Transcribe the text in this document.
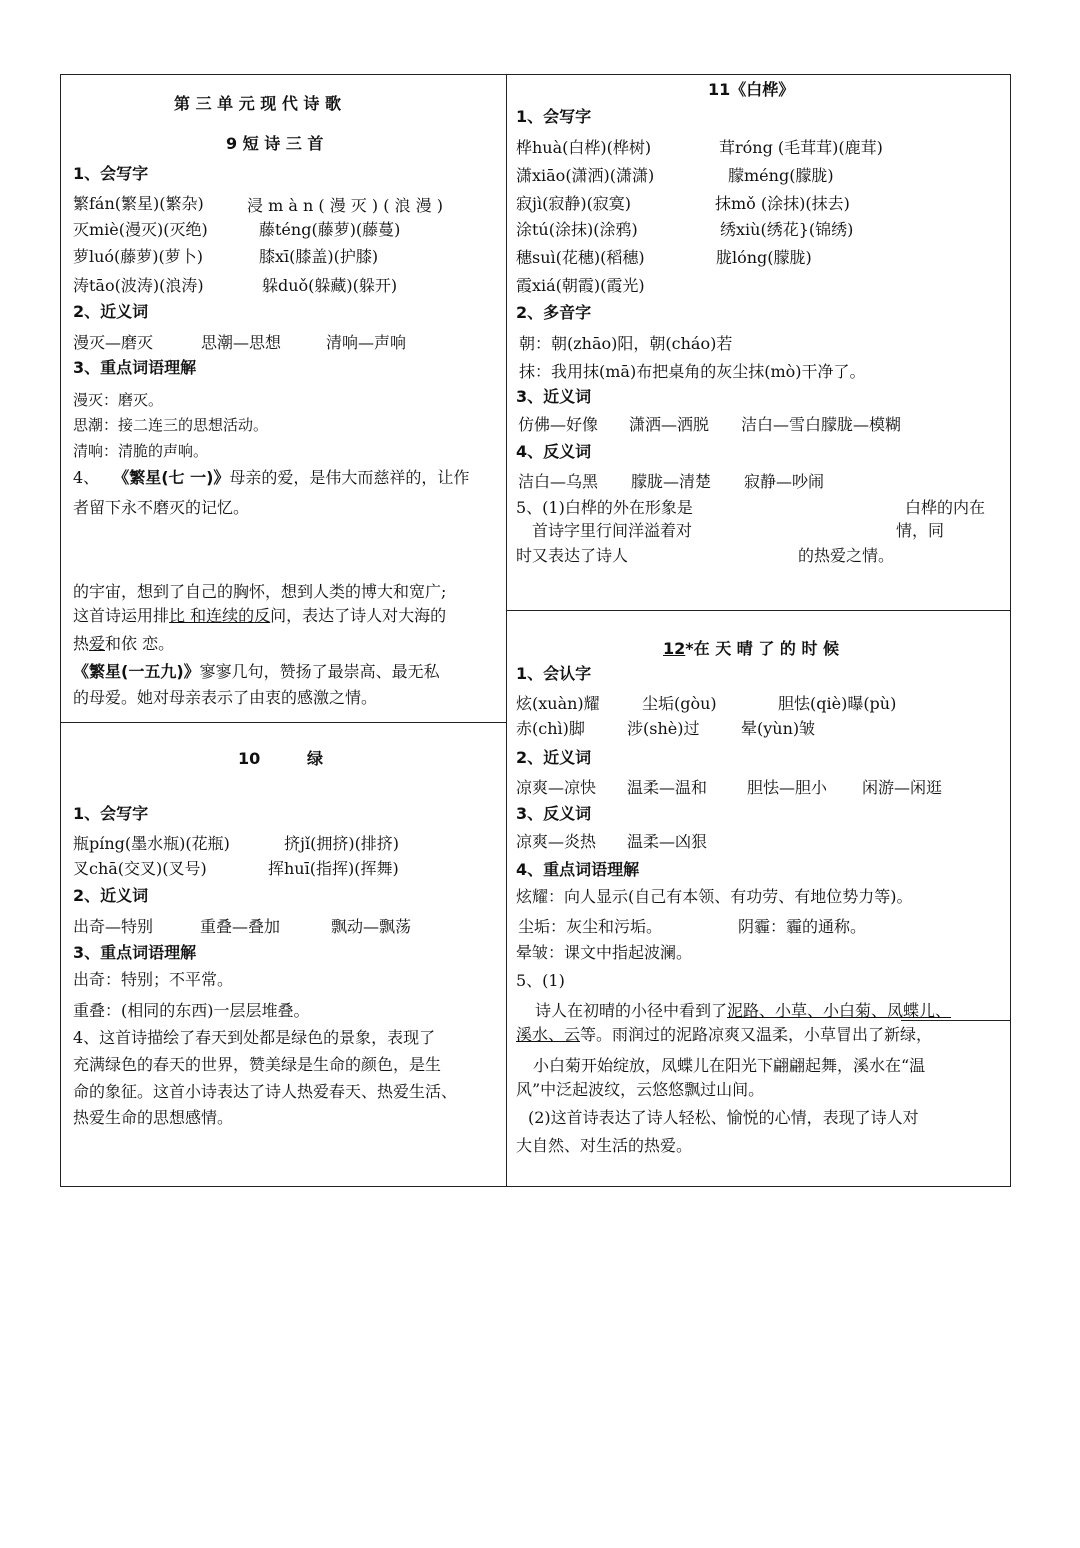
第 三 单 元 现 代 诗 歌
9 短 诗 三 首
1、会写字
繁fán(繁星)(繁杂)	浸 m à n ( 漫 灭 ) ( 浪 漫 )
灭miè(漫灭)(灭绝)	藤téng(藤萝)(藤蔓)
萝luó(藤萝)(萝卜)	膝xī(膝盖)(护膝)
涛tāo(波涛)(浪涛)	躲duǒ(躲藏)(躲开)
2、近义词
漫灭—磨灭	思潮—思想	清响—声响
3、重点词语理解
漫灭：磨灭。
思潮：接二连三的思想活动。
清响：清脆的声响。
4、 《繁星(七 一)》母亲的爱，是伟大而慈祥的，让作
者留下永不磨灭的记忆。
的宇宙，想到了自己的胸怀，想到人类的博大和宽广;
这首诗运用排比 和连续的反问，表达了诗人对大海的
热爱和依 恋。
《繁星(一五九)》寥寥几句，赞扬了最崇高、最无私
的母爱。她对母亲表示了由衷的感激之情。
10	绿
1、会写字
瓶píng(墨水瓶)(花瓶)	挤jǐ(拥挤)(排挤)
叉chā(交叉)(叉号)	挥huī(指挥)(挥舞)
2、近义词
出奇—特别	重叠—叠加	飘动—飘荡
3、重点词语理解
出奇：特别；不平常。
重叠：(相同的东西)一层层堆叠。
4、这首诗描绘了春天到处都是绿色的景象，表现了
充满绿色的春天的世界，赞美绿是生命的颜色，是生
命的象征。这首小诗表达了诗人热爱春天、热爱生活、
热爱生命的思想感情。
11《白桦》
1、会写字
桦huà(白桦)(桦树)	茸róng (毛茸茸)(鹿茸)
潇xiāo(潇洒)(潇潇)	朦méng(朦胧)
寂jì(寂静)(寂寞)	抹mǒ (涂抹)(抹去)
涂tú(涂抹)(涂鸦)	绣xiù(绣花}(锦绣)
穗suì(花穗)(稻穗)	胧lóng(朦胧)
霞xiá(朝霞)(霞光)
2、多音字
朝：朝(zhāo)阳，朝(cháo)若
抹：我用抹(mā)布把桌角的灰尘抹(mò)干净了。
3、近义词
仿佛—好像 潇洒—洒脱 洁白—雪白朦胧—模糊
4、反义词
洁白—乌黑 朦胧—清楚 寂静—吵闹
5、(1)白桦的外在形象是	白桦的内在
首诗字里行间洋溢着对	情，同
时又表达了诗人	的热爱之情。
12*在 天 晴 了 的 时 候
1、会认字
炫(xuàn)耀	尘垢(gòu)	胆怯(qiè)曝(pù)
赤(chì)脚	涉(shè)过	晕(yùn)皱
2、近义词
凉爽—凉快 温柔—温和 胆怯—胆小 闲游—闲逛
3、反义词
凉爽—炎热 温柔—凶狠
4、重点词语理解
炫耀：向人显示(自己有本领、有功劳、有地位势力等)。
尘垢：灰尘和污垢。	阴霾：霾的通称。
晕皱：课文中指起波澜。
5、(1)
诗人在初晴的小径中看到了泥路、小草、小白菊、凤蝶儿、
溪水、云等。雨润过的泥路凉爽又温柔，小草冒出了新绿，
小白菊开始绽放，凤蝶儿在阳光下翩翩起舞，溪水在“温
风”中泛起波纹，云悠悠飘过山间。
(2)这首诗表达了诗人轻松、愉悦的心情，表现了诗人对
大自然、对生活的热爱。
